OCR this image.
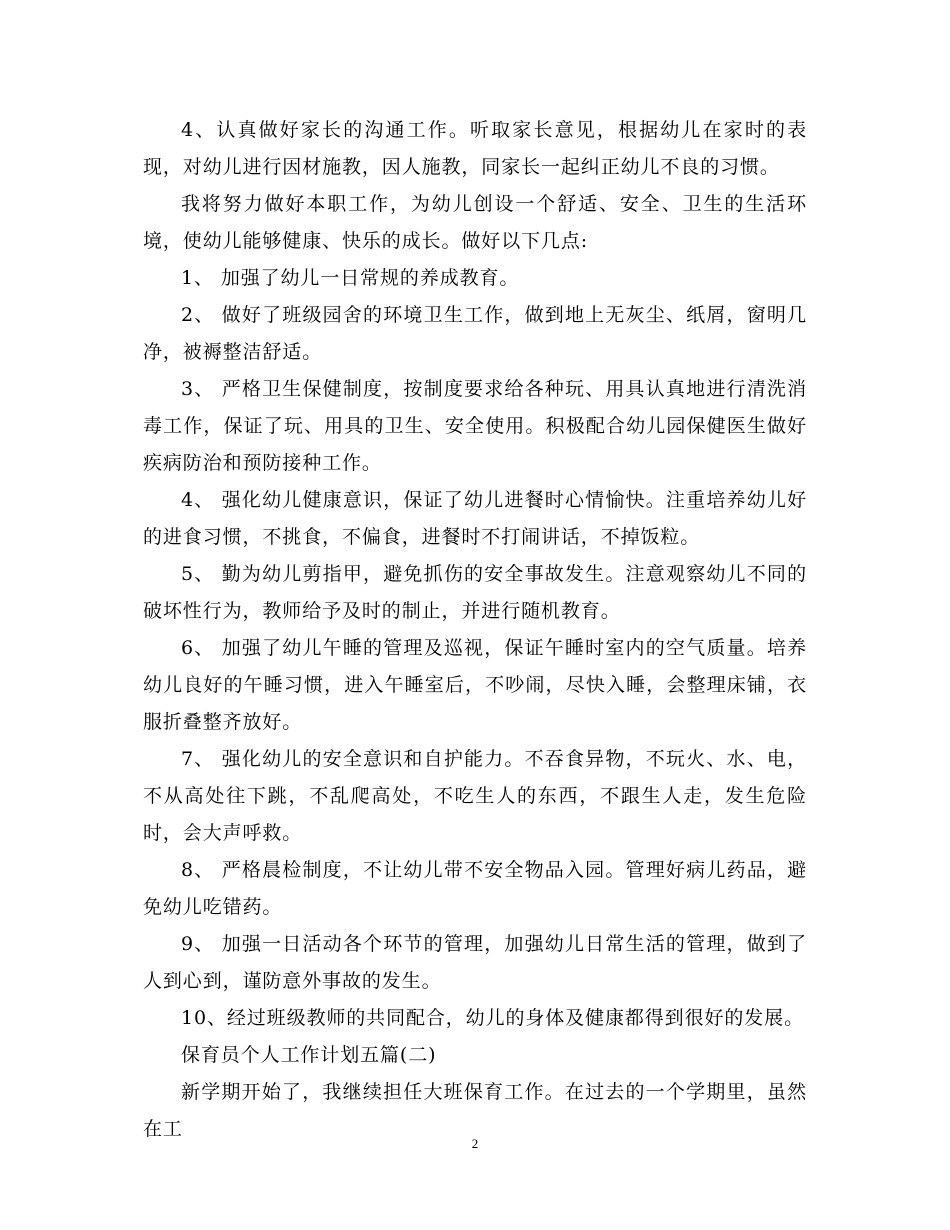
4、认真做好家长的沟通工作。听取家长意见，根据幼儿在家时的表现，对幼儿进行因材施教，因人施教，同家长一起纠正幼儿不良的习惯。

我将努力做好本职工作，为幼儿创设一个舒适、安全、卫生的生活环境，使幼儿能够健康、快乐的成长。做好以下几点:

1、 加强了幼儿一日常规的养成教育。

2、 做好了班级园舍的环境卫生工作，做到地上无灰尘、纸屑，窗明几净，被褥整洁舒适。

3、 严格卫生保健制度，按制度要求给各种玩、用具认真地进行清洗消毒工作，保证了玩、用具的卫生、安全使用。积极配合幼儿园保健医生做好疾病防治和预防接种工作。

4、 强化幼儿健康意识，保证了幼儿进餐时心情愉快。注重培养幼儿好的进食习惯，不挑食，不偏食，进餐时不打闹讲话，不掉饭粒。

5、 勤为幼儿剪指甲，避免抓伤的安全事故发生。注意观察幼儿不同的破坏性行为，教师给予及时的制止，并进行随机教育。

6、 加强了幼儿午睡的管理及巡视，保证午睡时室内的空气质量。培养幼儿良好的午睡习惯，进入午睡室后，不吵闹，尽快入睡，会整理床铺，衣服折叠整齐放好。

7、 强化幼儿的安全意识和自护能力。不吞食异物，不玩火、水、电，不从高处往下跳，不乱爬高处，不吃生人的东西，不跟生人走，发生危险时，会大声呼救。

8、 严格晨检制度，不让幼儿带不安全物品入园。管理好病儿药品，避免幼儿吃错药。

9、 加强一日活动各个环节的管理，加强幼儿日常生活的管理，做到了人到心到，谨防意外事故的发生。

10、经过班级教师的共同配合，幼儿的身体及健康都得到很好的发展。

保育员个人工作计划五篇(二)

新学期开始了，我继续担任大班保育工作。在过去的一个学期里，虽然在工

2
